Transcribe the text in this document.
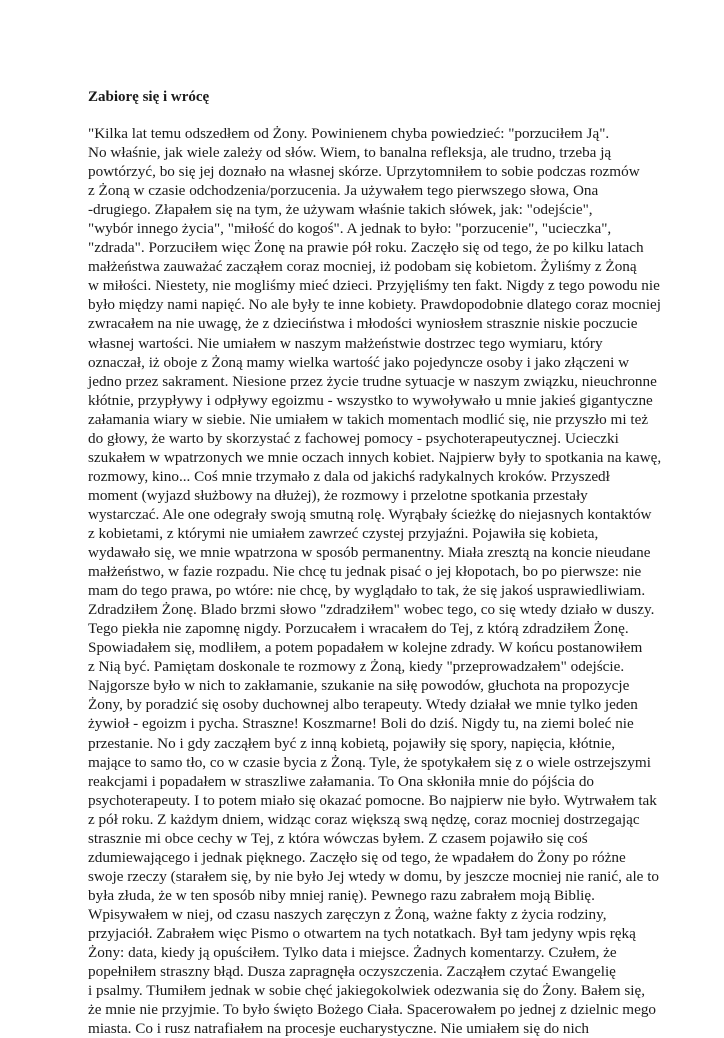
Zabiorę się i wrócę
"Kilka lat temu odszedłem od Żony. Powinienem chyba powiedzieć: "porzuciłem Ją".
No właśnie, jak wiele zależy od słów. Wiem, to banalna refleksja, ale trudno, trzeba ją
powtórzyć, bo się jej doznało na własnej skórze. Uprzytomniłem to sobie podczas rozmów
z Żoną w czasie odchodzenia/porzucenia. Ja używałem tego pierwszego słowa, Ona
-drugiego. Złapałem się na tym, że używam właśnie takich słówek, jak: "odejście",
"wybór innego życia", "miłość do kogoś". A jednak to było: "porzucenie", "ucieczka",
"zdrada". Porzuciłem więc Żonę na prawie pół roku. Zaczęło się od tego, że po kilku latach
małżeństwa zauważać zacząłem coraz mocniej, iż podobam się kobietom. Żyliśmy z Żoną
w miłości. Niestety, nie mogliśmy mieć dzieci. Przyjęliśmy ten fakt. Nigdy z tego powodu nie
było między nami napięć. No ale były te inne kobiety. Prawdopodobnie dlatego coraz mocniej
zwracałem na nie uwagę, że z dzieciństwa i młodości wyniosłem strasznie niskie poczucie
własnej wartości. Nie umiałem w naszym małżeństwie dostrzec tego wymiaru, który
oznaczał, iż oboje z Żoną mamy wielka wartość jako pojedyncze osoby i jako złączeni w
jedno przez sakrament. Niesione przez życie trudne sytuacje w naszym związku, nieuchronne
kłótnie, przypływy i odpływy egoizmu - wszystko to wywoływało u mnie jakieś gigantyczne
załamania wiary w siebie. Nie umiałem w takich momentach modlić się, nie przyszło mi też
do głowy, że warto by skorzystać z fachowej pomocy - psychoterapeutycznej. Ucieczki
szukałem w wpatrzonych we mnie oczach innych kobiet. Najpierw były to spotkania na kawę,
rozmowy, kino... Coś mnie trzymało z dala od jakichś radykalnych kroków. Przyszedł
moment (wyjazd służbowy na dłużej), że rozmowy i przelotne spotkania przestały
wystarczać. Ale one odegrały swoją smutną rolę. Wyrąbały ścieżkę do niejasnych kontaktów
z kobietami, z którymi nie umiałem zawrzeć czystej przyjaźni. Pojawiła się kobieta,
wydawało się, we mnie wpatrzona w sposób permanentny. Miała zresztą na koncie nieudane
małżeństwo, w fazie rozpadu. Nie chcę tu jednak pisać o jej kłopotach, bo po pierwsze: nie
mam do tego prawa, po wtóre: nie chcę, by wyglądało to tak, że się jakoś usprawiedliwiam.
Zdradziłem Żonę. Blado brzmi słowo "zdradziłem" wobec tego, co się wtedy działo w duszy.
Tego piekła nie zapomnę nigdy. Porzucałem i wracałem do Tej, z którą zdradziłem Żonę.
Spowiadałem się, modliłem, a potem popadałem w kolejne zdrady. W końcu postanowiłem
z Nią być. Pamiętam doskonale te rozmowy z Żoną, kiedy "przeprowadzałem" odejście.
Najgorsze było w nich to zakłamanie, szukanie na siłę powodów, głuchota na propozycje
Żony, by poradzić się osoby duchownej albo terapeuty. Wtedy działał we mnie tylko jeden
żywioł - egoizm i pycha. Straszne! Koszmarne! Boli do dziś. Nigdy tu, na ziemi boleć nie
przestanie. No i gdy zacząłem być z inną kobietą, pojawiły się spory, napięcia, kłótnie,
mające to samo tło, co w czasie bycia z Żoną. Tyle, że spotykałem się z o wiele ostrzejszymi
reakcjami i popadałem w straszliwe załamania. To Ona skłoniła mnie do pójścia do
psychoterapeuty. I to potem miało się okazać pomocne. Bo najpierw nie było. Wytrwałem tak
z pół roku. Z każdym dniem, widząc coraz większą swą nędzę, coraz mocniej dostrzegając
strasznie mi obce cechy w Tej, z która wówczas byłem. Z czasem pojawiło się coś
zdumiewającego i jednak pięknego. Zaczęło się od tego, że wpadałem do Żony po różne
swoje rzeczy (starałem się, by nie było Jej wtedy w domu, by jeszcze mocniej nie ranić, ale to
była złuda, że w ten sposób niby mniej ranię). Pewnego razu zabrałem moją Biblię.
Wpisywałem w niej, od czasu naszych zaręczyn z Żoną, ważne fakty z życia rodziny,
przyjaciół. Zabrałem więc Pismo o otwartem na tych notatkach. Był tam jedyny wpis ręką
Żony: data, kiedy ją opuściłem. Tylko data i miejsce. Żadnych komentarzy. Czułem, że
popełniłem straszny błąd. Dusza zapragnęła oczyszczenia. Zacząłem czytać Ewangelię
i psalmy. Tłumiłem jednak w sobie chęć jakiegokolwiek odezwania się do Żony. Bałem się,
że mnie nie przyjmie. To było święto Bożego Ciała. Spacerowałem po jednej z dzielnic mego
miasta. Co i rusz natrafiałem na procesje eucharystyczne. Nie umiałem się do nich
